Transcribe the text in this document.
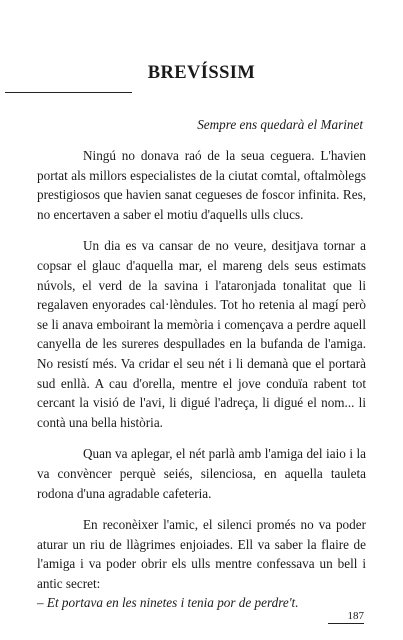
BREVÍSSIM
Sempre ens quedarà el Marinet

Ningú no donava raó de la seua ceguera. L'havien portat als millors especialistes de la ciutat comtal, oftalmòlegs prestigiosos que havien sanat cegueses de foscor infinita. Res, no encertaven a saber el motiu d'aquells ulls clucs.

Un dia es va cansar de no veure, desitjava tornar a copsar el glauc d'aquella mar, el mareng dels seus estimats núvols, el verd de la savina i l'ataronjada tonalitat que li regalaven enyorades cal·lèndules. Tot ho retenia al magí però se li anava emboirant la memòria i començava a perdre aquell canyella de les sureres despullades en la bufanda de l'amiga. No resistí més. Va cridar el seu nét i li demanà que el portarà sud enllà. A cau d'orella, mentre el jove conduïa rabent tot cercant la visió de l'avi, li digué l'adreça, li digué el nom... li contà una bella història.

Quan va aplegar, el nét parlà amb l'amiga del iaio i la va convèncer perquè seiés, silenciosa, en aquella tauleta rodona d'una agradable cafeteria.

En reconèixer l'amic, el silenci promés no va poder aturar un riu de llàgrimes enjoiades. Ell va saber la flaire de l'amiga i va poder obrir els ulls mentre confessava un bell i antic secret:

– Et portava en les ninetes i tenia por de perdre't.

187
